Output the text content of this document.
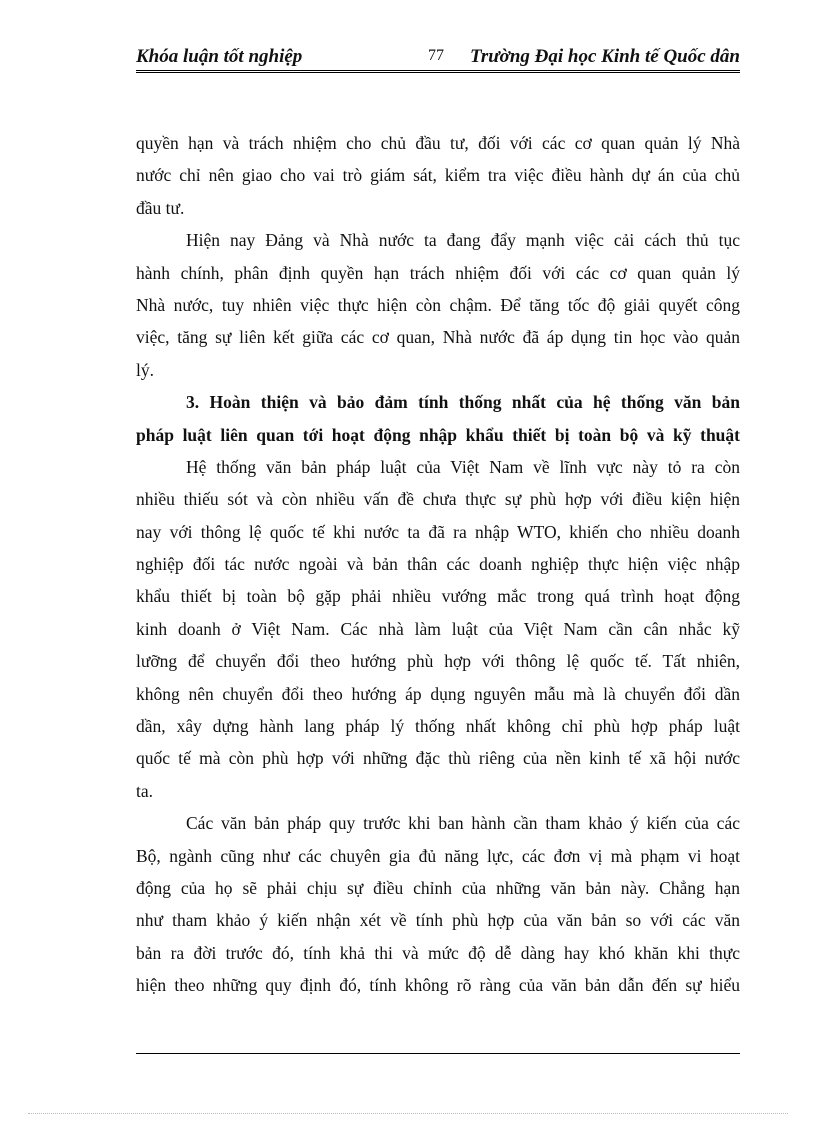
Khóa luận tốt nghiệp	77 Trường Đại học Kinh tế Quốc dân
quyền hạn và trách nhiệm cho chủ đầu tư, đối với các cơ quan quản lý Nhà
nước chỉ nên giao cho vai trò giám sát, kiểm tra việc điều hành dự án của chủ
đầu tư.
Hiện nay Đảng và Nhà nước ta đang đẩy mạnh việc cải cách thủ tục
hành chính, phân định quyền hạn trách nhiệm đối với các cơ quan quản lý
Nhà nước, tuy nhiên việc thực hiện còn chậm. Để tăng tốc độ giải quyết công
việc, tăng sự liên kết giữa các cơ quan, Nhà nước đã áp dụng tin học vào quản
lý.
3. Hoàn thiện và bảo đảm tính thống nhất của hệ thống văn bản
pháp luật liên quan tới hoạt động nhập khẩu thiết bị toàn bộ và kỹ thuật
Hệ thống văn bản pháp luật của Việt Nam về lĩnh vực này tỏ ra còn
nhiều thiếu sót và còn nhiều vấn đề chưa thực sự phù hợp với điều kiện hiện
nay với thông lệ quốc tế khi nước ta đã ra nhập WTO, khiến cho nhiều doanh
nghiệp đối tác nước ngoài và bản thân các doanh nghiệp thực hiện việc nhập
khẩu thiết bị toàn bộ gặp phải nhiều vướng mắc trong quá trình hoạt động
kinh doanh ở Việt Nam. Các nhà làm luật của Việt Nam cần cân nhắc kỹ
lưỡng để chuyển đổi theo hướng phù hợp với thông lệ quốc tế. Tất nhiên,
không nên chuyển đổi theo hướng áp dụng nguyên mẫu mà là chuyển đổi dần
dần, xây dựng hành lang pháp lý thống nhất không chỉ phù hợp pháp luật
quốc tế mà còn phù hợp với những đặc thù riêng của nền kinh tế xã hội nước
ta.
Các văn bản pháp quy trước khi ban hành cần tham khảo ý kiến của các
Bộ, ngành cũng như các chuyên gia đủ năng lực, các đơn vị mà phạm vi hoạt
động của họ sẽ phải chịu sự điều chỉnh của những văn bản này. Chẳng hạn
như tham khảo ý kiến nhận xét về tính phù hợp của văn bản so với các văn
bản ra đời trước đó, tính khả thi và mức độ dễ dàng hay khó khăn khi thực
hiện theo những quy định đó, tính không rõ ràng của văn bản dẫn đến sự hiểu
